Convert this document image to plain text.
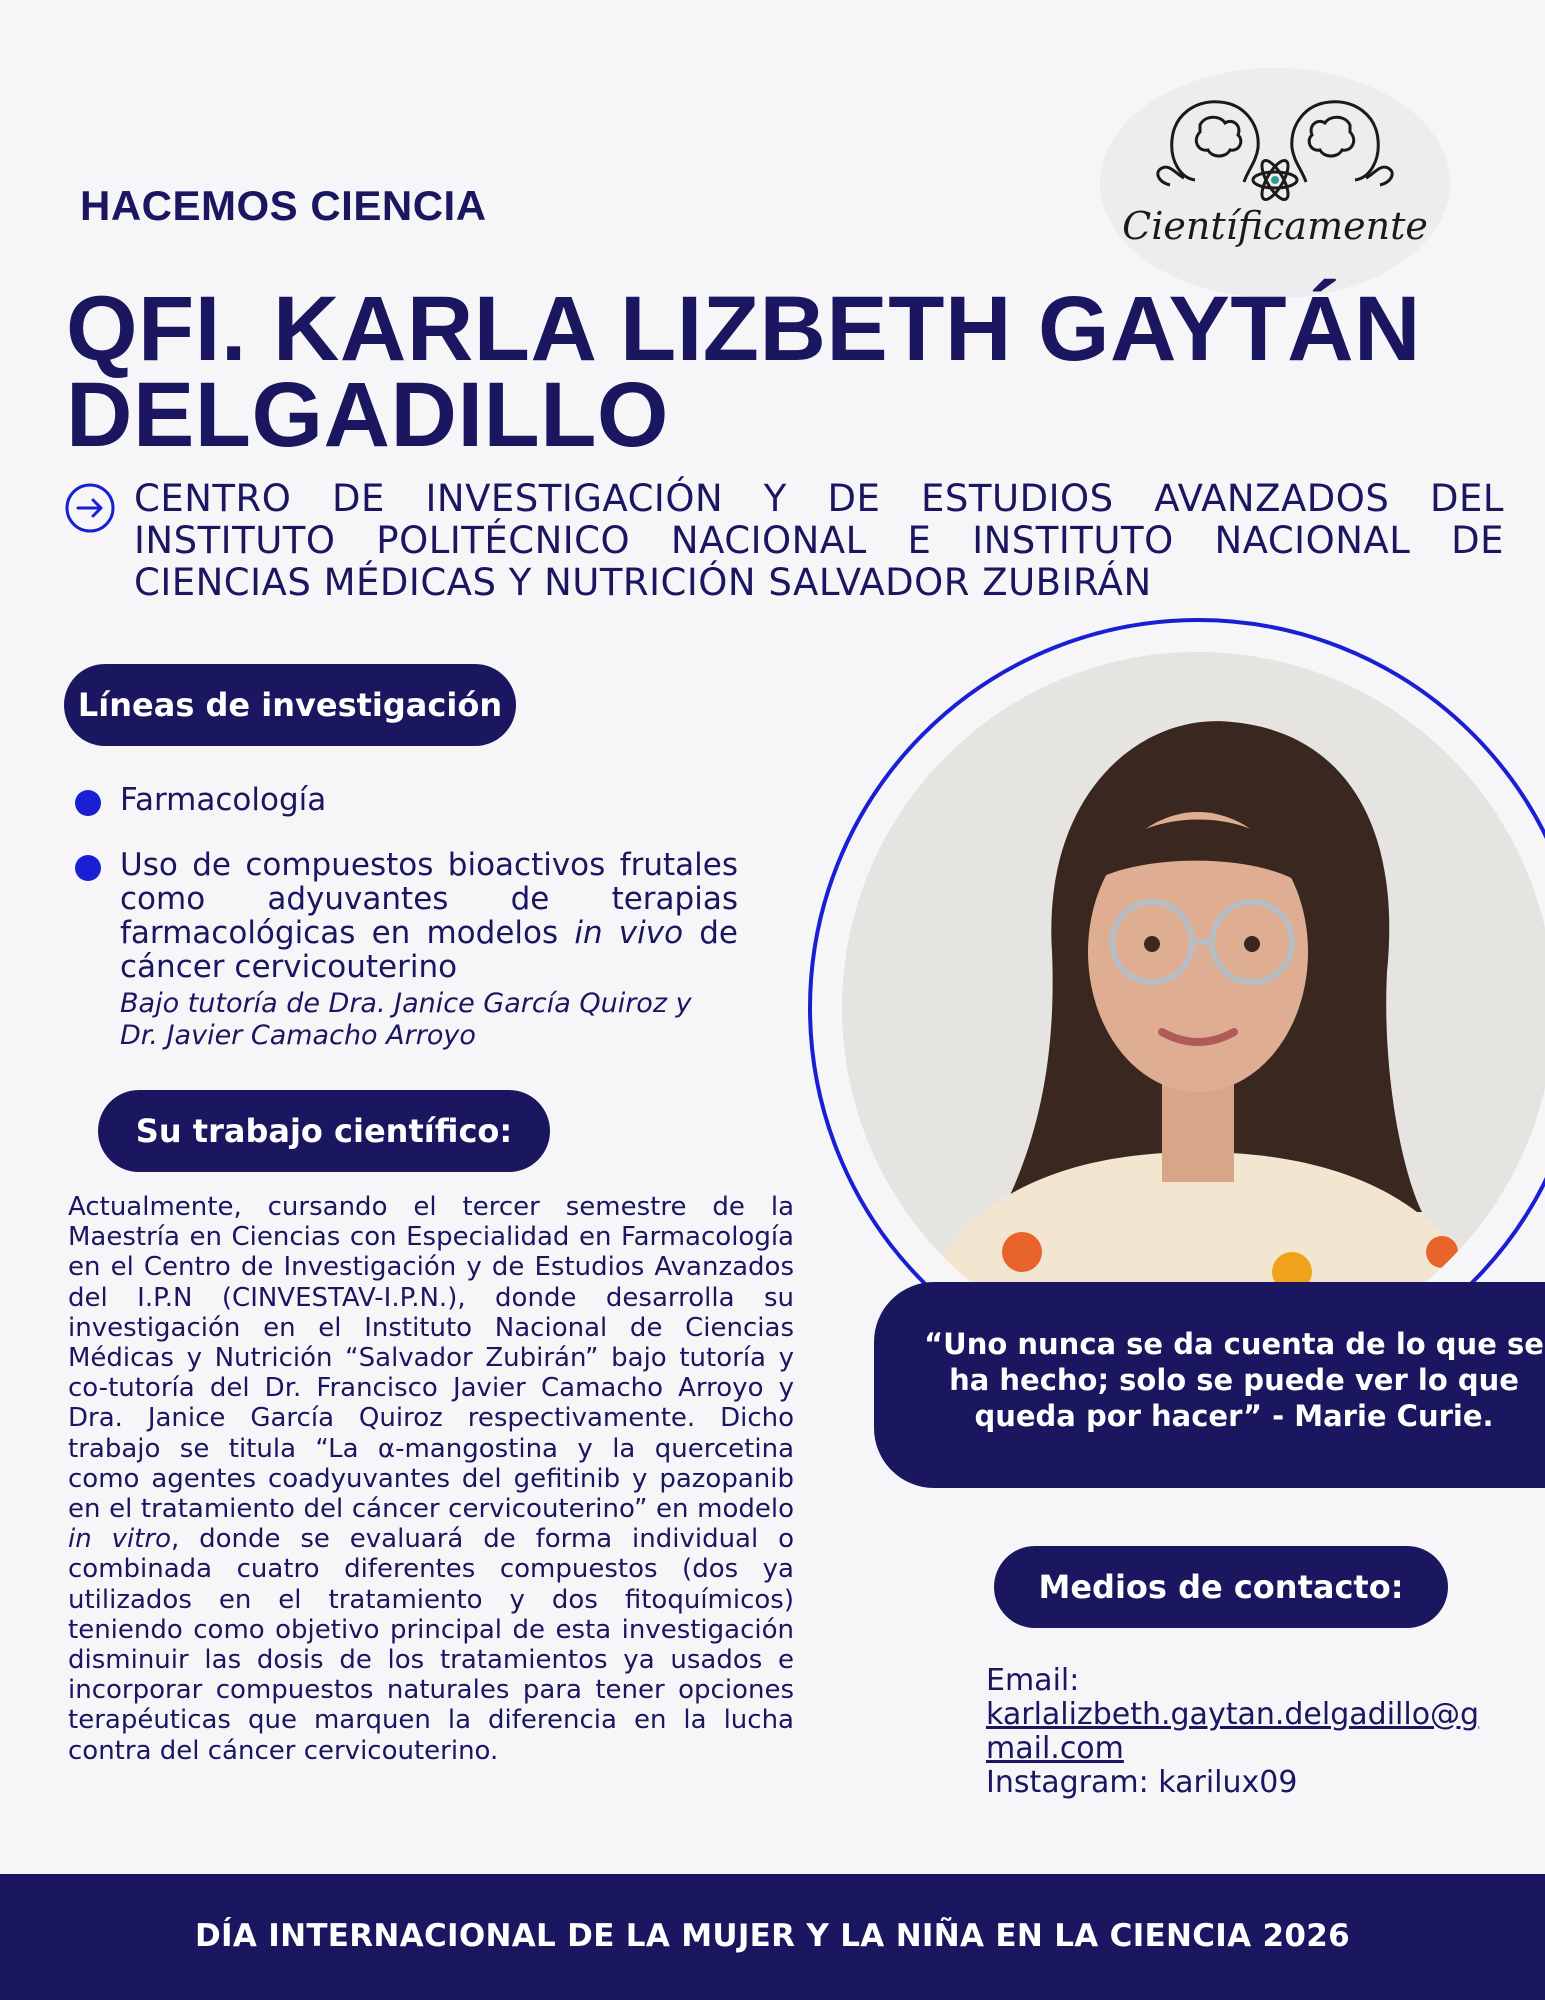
Científicamente
HACEMOS CIENCIA
QFI. KARLA LIZBETH GAYTÁN DELGADILLO
CENTRO DE INVESTIGACIÓN Y DE ESTUDIOS AVANZADOS DEL INSTITUTO POLITÉCNICO NACIONAL E INSTITUTO NACIONAL DE CIENCIAS MÉDICAS Y NUTRICIÓN SALVADOR ZUBIRÁN
Líneas de investigación
Farmacología
Uso de compuestos bioactivos frutales como adyuvantes de terapias farmacológicas en modelos in vivo de cáncer cervicouterino
Bajo tutoría de Dra. Janice García Quiroz y Dr. Javier Camacho Arroyo
Su trabajo científico:
Actualmente, cursando el tercer semestre de la Maestría en Ciencias con Especialidad en Farmacología en el Centro de Investigación y de Estudios Avanzados del I.P.N (CINVESTAV-I.P.N.), donde desarrolla su investigación en el Instituto Nacional de Ciencias Médicas y Nutrición “Salvador Zubirán” bajo tutoría y co-tutoría del Dr. Francisco Javier Camacho Arroyo y Dra. Janice García Quiroz respectivamente. Dicho trabajo se titula “La α-mangostina y la quercetina como agentes coadyuvantes del gefitinib y pazopanib en el tratamiento del cáncer cervicouterino” en modelo in vitro, donde se evaluará de forma individual o combinada cuatro diferentes compuestos (dos ya utilizados en el tratamiento y dos fitoquímicos) teniendo como objetivo principal de esta investigación disminuir las dosis de los tratamientos ya usados e incorporar compuestos naturales para tener opciones terapéuticas que marquen la diferencia en la lucha contra del cáncer cervicouterino.
“Uno nunca se da cuenta de lo que se ha hecho; solo se puede ver lo que queda por hacer” - Marie Curie.
Medios de contacto:
Email:
karlalizbeth.gaytan.delgadillo@gmail.com
Instagram: karilux09
DÍA INTERNACIONAL DE LA MUJER Y LA NIÑA EN LA CIENCIA 2026
